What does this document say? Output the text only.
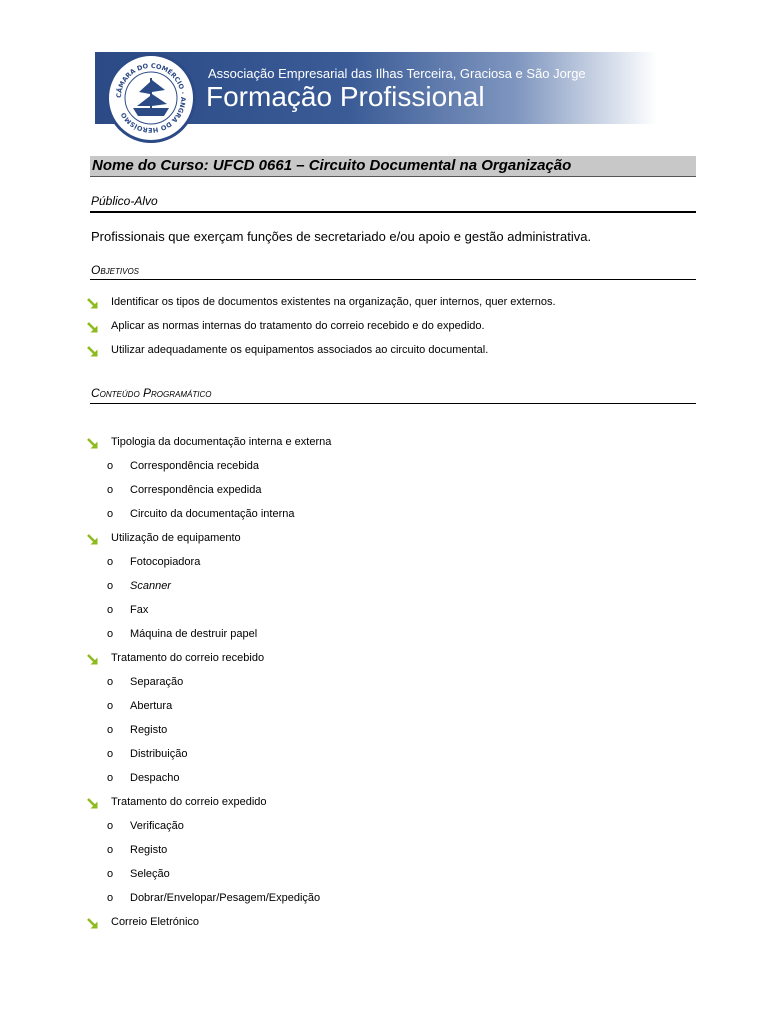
CÂMARA DO COMÉRCIO · ANGRA DO HEROÍSMO
Associação Empresarial das Ilhas Terceira, Graciosa e São Jorge
Formação Profissional
Nome do Curso: UFCD 0661 – Circuito Documental na Organização
Público-Alvo
Profissionais que exerçam funções de secretariado e/ou apoio e gestão administrativa.
Objetivos
Identificar os tipos de documentos existentes na organização, quer internos, quer externos.
Aplicar as normas internas do tratamento do correio recebido e do expedido.
Utilizar adequadamente os equipamentos associados ao circuito documental.
Conteúdo Programático
Tipologia da documentação interna e externa
o Correspondência recebida
o Correspondência expedida
o Circuito da documentação interna
Utilização de equipamento
o Fotocopiadora
o Scanner
o Fax
o Máquina de destruir papel
Tratamento do correio recebido
o Separação
o Abertura
o Registo
o Distribuição
o Despacho
Tratamento do correio expedido
o Verificação
o Registo
o Seleção
o Dobrar/Envelopar/Pesagem/Expedição
Correio Eletrónico
